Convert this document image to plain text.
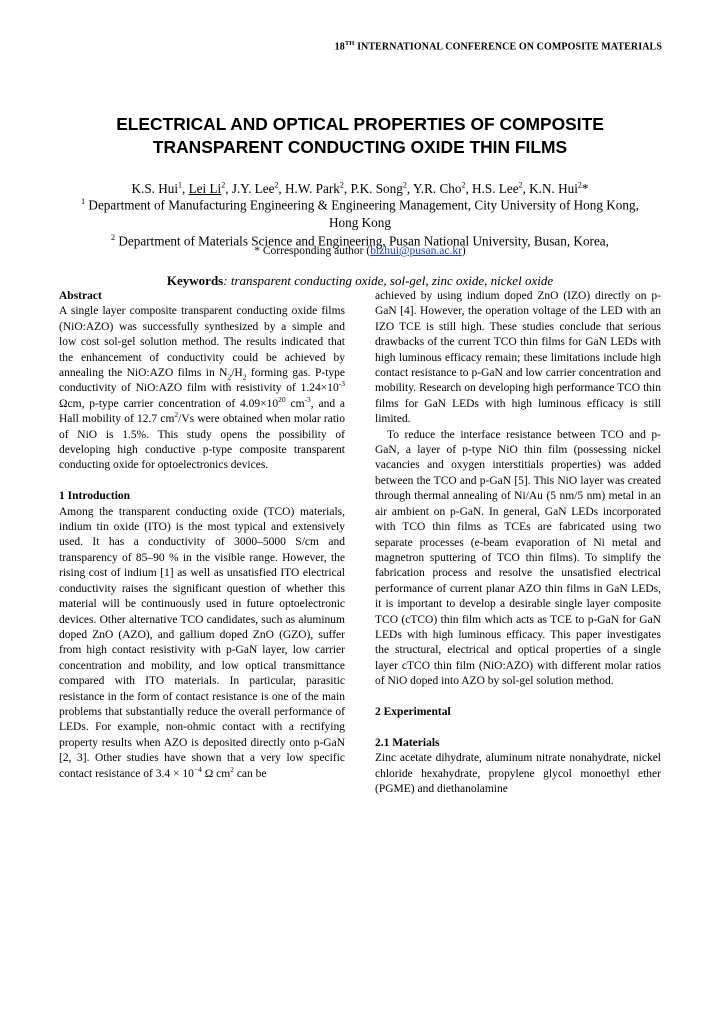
18TH INTERNATIONAL CONFERENCE ON COMPOSITE MATERIALS
ELECTRICAL AND OPTICAL PROPERTIES OF COMPOSITE
TRANSPARENT CONDUCTING OXIDE THIN FILMS
K.S. Hui$^1$, Lei Li$^2$, J.Y. Lee$^2$, H.W. Park$^2$, P.K. Song$^2$, Y.R. Cho$^2$, H.S. Lee$^2$, K.N. Hui$^2$*
$^1$ Department of Manufacturing Engineering & Engineering Management, City University of Hong Kong, Hong Kong
$^2$ Department of Materials Science and Engineering, Pusan National University, Busan, Korea,
* Corresponding author (bizhui@pusan.ac.kr)
Keywords: transparent conducting oxide, sol-gel, zinc oxide, nickel oxide

Abstract

A single layer composite transparent conducting oxide films (NiO:AZO) was successfully synthesized by a simple and low cost sol-gel solution method. The results indicated that the enhancement of conductivity could be achieved by annealing the NiO:AZO films in $N_2/H_2$ forming gas. P-type conductivity of NiO:AZO film with resistivity of $1.24\times 10^{-3}$ Ωcm, p-type carrier concentration of $4.09\times 10^{20}$ $cm^{-3}$, and a Hall mobility of 12.7 $cm^2/Vs$ were obtained when molar ratio of NiO is 1.5%. This study opens the possibility of developing high conductive p-type composite transparent conducting oxide for optoelectronics devices.

1 Introduction

Among the transparent conducting oxide (TCO) materials, indium tin oxide (ITO) is the most typical and extensively used. It has a conductivity of 3000–5000 S/cm and transparency of 85–90 % in the visible range. However, the rising cost of indium [1] as well as unsatisfied ITO electrical conductivity raises the significant question of whether this material will be continuously used in future optoelectronic devices. Other alternative TCO candidates, such as aluminum doped ZnO (AZO), and gallium doped ZnO (GZO), suffer from high contact resistivity with p-GaN layer, low carrier concentration and mobility, and low optical transmittance compared with ITO materials. In particular, parasitic resistance in the form of contact resistance is one of the main problems that substantially reduce the overall performance of LEDs. For example, non-ohmic contact with a rectifying property results when AZO is deposited directly onto p-GaN [2, 3]. Other studies have shown that a very low specific contact resistance of $3.4 \times 10^{-4}$ Ω $cm^2$ can be

achieved by using indium doped ZnO (IZO) directly on p-GaN [4]. However, the operation voltage of the LED with an IZO TCE is still high. These studies conclude that serious drawbacks of the current TCO thin films for GaN LEDs with high luminous efficacy remain; these limitations include high contact resistance to p-GaN and low carrier concentration and mobility. Research on developing high performance TCO thin films for GaN LEDs with high luminous efficacy is still limited.

To reduce the interface resistance between TCO and p-GaN, a layer of p-type NiO thin film (possessing nickel vacancies and oxygen interstitials properties) was added between the TCO and p-GaN [5]. This NiO layer was created through thermal annealing of Ni/Au (5 nm/5 nm) metal in an air ambient on p-GaN. In general, GaN LEDs incorporated with TCO thin films as TCEs are fabricated using two separate processes (e-beam evaporation of Ni metal and magnetron sputtering of TCO thin films). To simplify the fabrication process and resolve the unsatisfied electrical performance of current planar AZO thin films in GaN LEDs, it is important to develop a desirable single layer composite TCO (cTCO) thin film which acts as TCE to p-GaN for GaN LEDs with high luminous efficacy. This paper investigates the structural, electrical and optical properties of a single layer cTCO thin film (NiO:AZO) with different molar ratios of NiO doped into AZO by sol-gel solution method.

2 Experimental

2.1 Materials

Zinc acetate dihydrate, aluminum nitrate nonahydrate, nickel chloride hexahydrate, propylene glycol monoethyl ether (PGME) and diethanolamine
